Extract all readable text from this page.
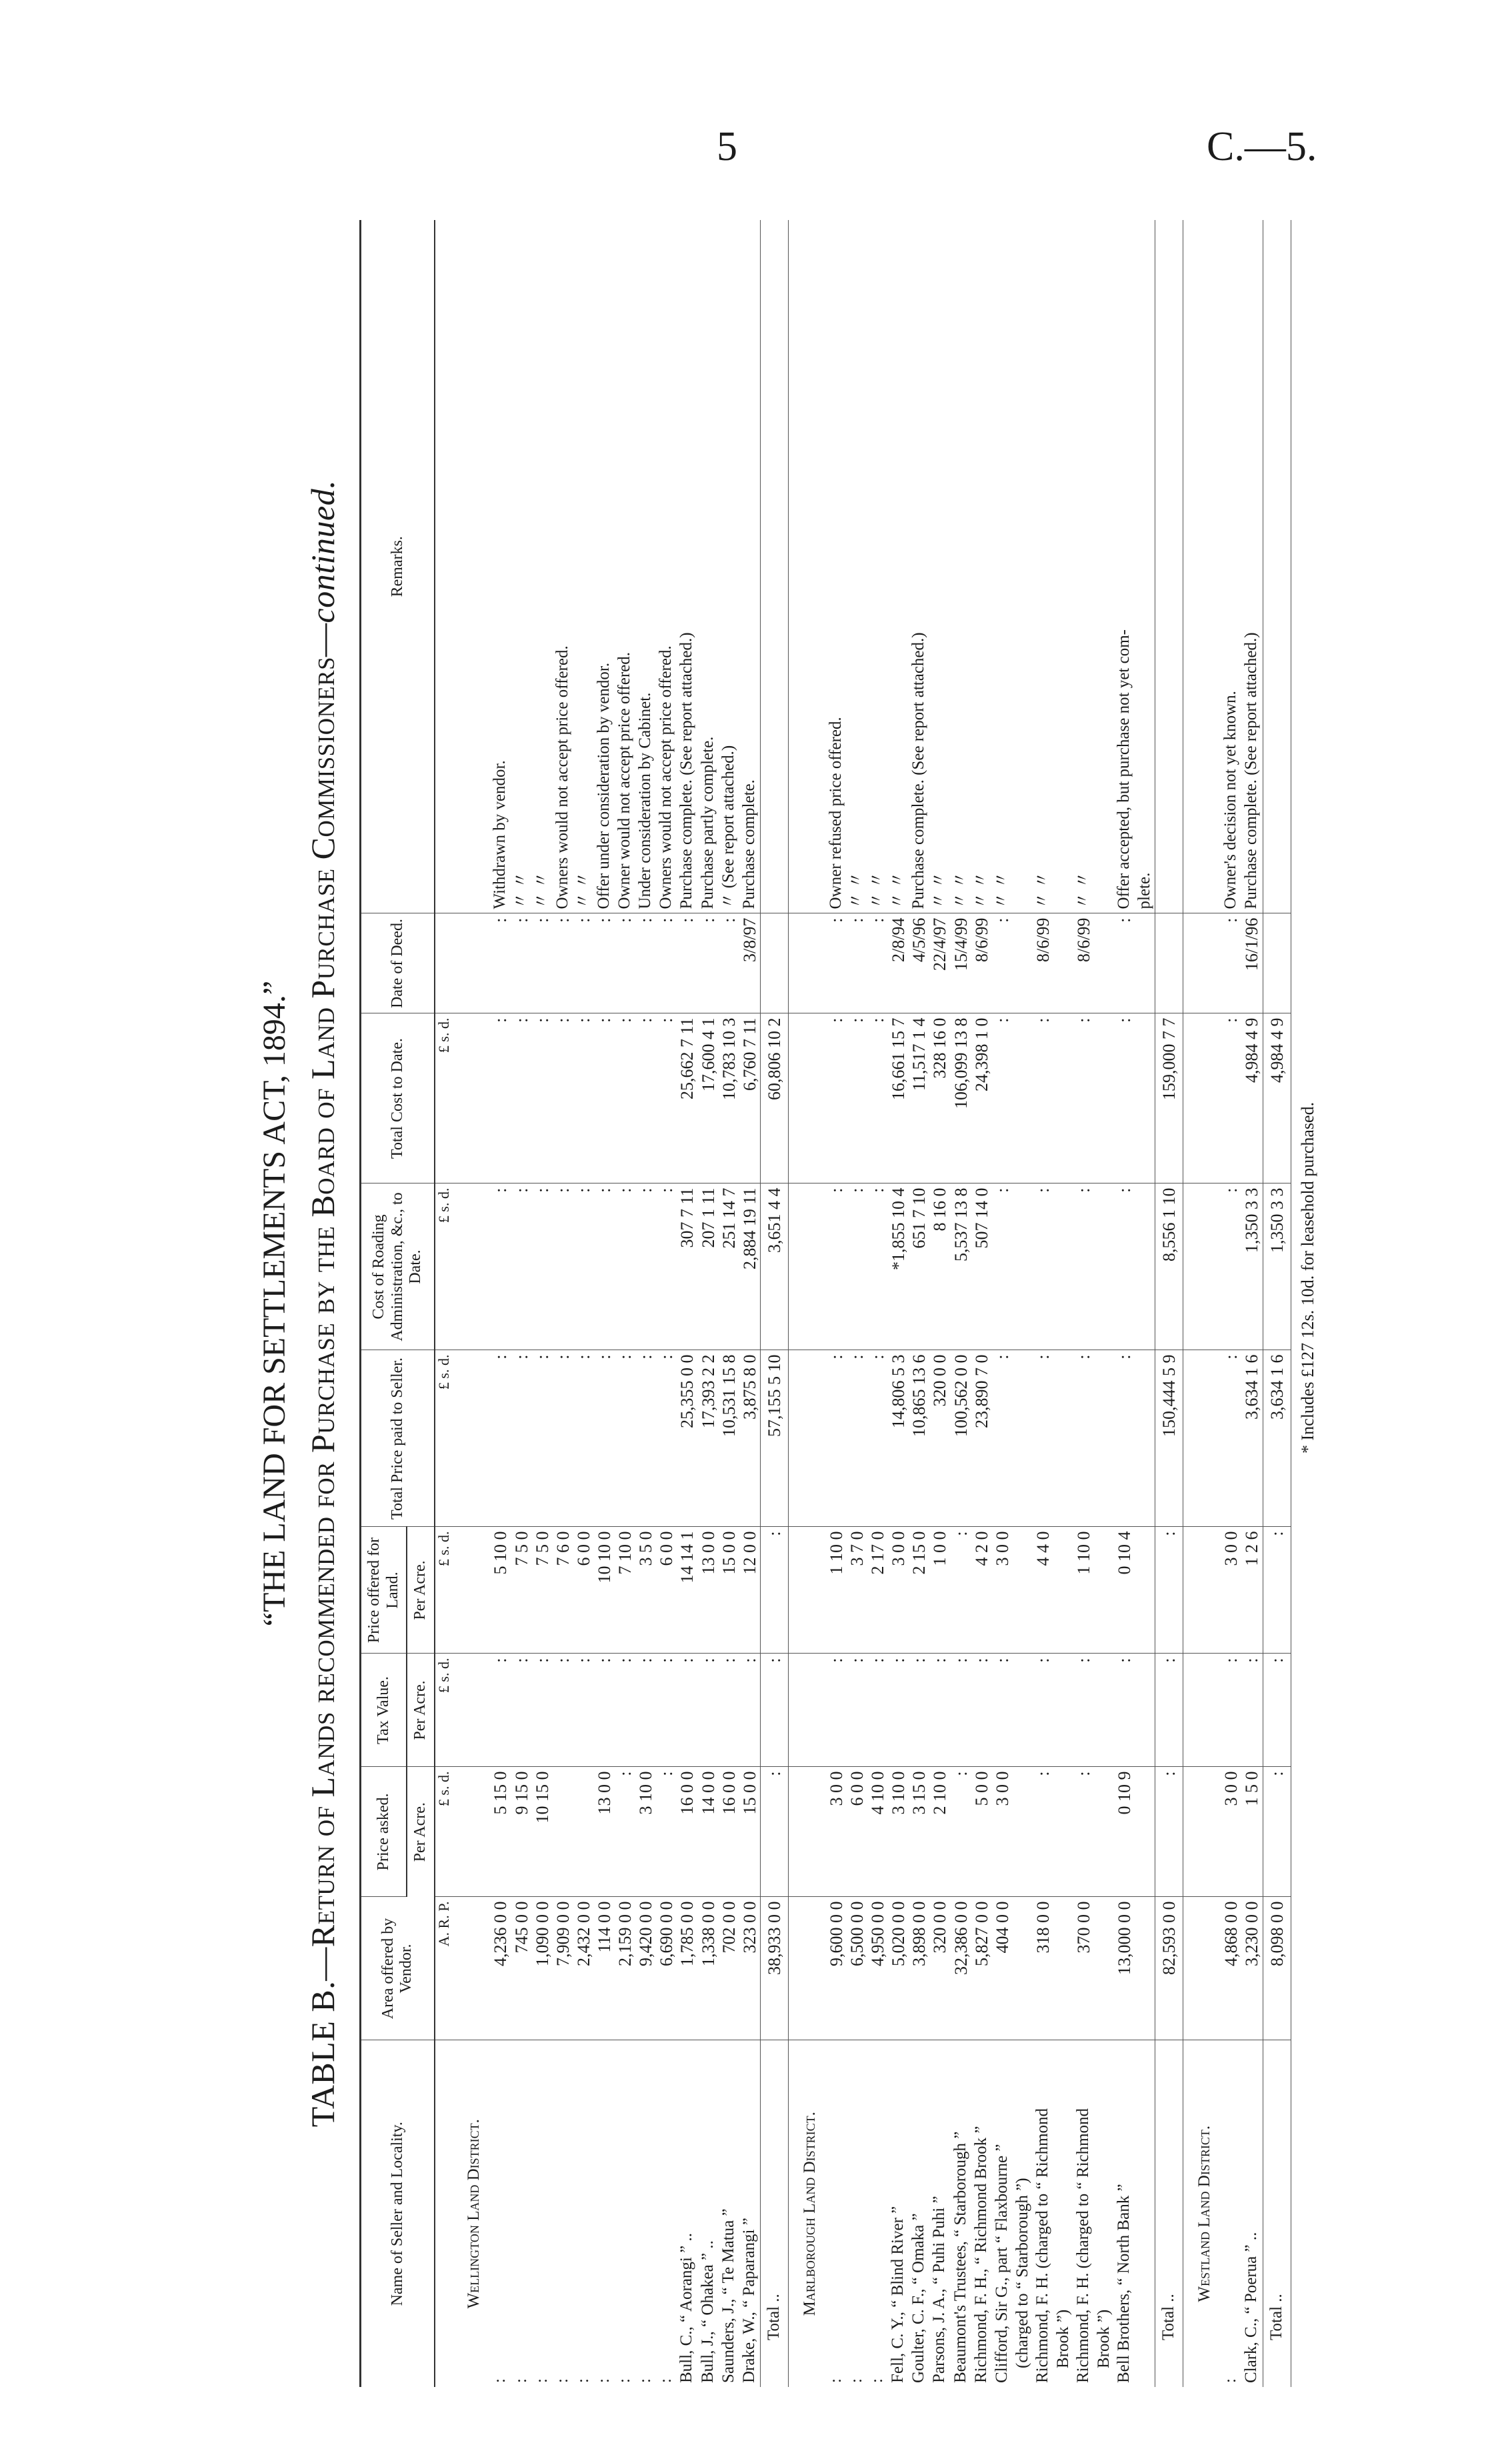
5	C.—5.
“THE LAND FOR SETTLEMENTS ACT, 1894.”
TABLE B.—Return of Lands recommended for Purchase by the Board of Land Purchase Commissioners—continued.
Name of Seller and Locality.	Area offered by Vendor.	Price asked.	Tax Value.	Price offered for Land.	Total Price paid to Seller.	Cost of Roading Administration, &c., to Date.	Total Cost to Date.	Date of Deed.	Remarks.
		Per Acre.	Per Acre.	Per Acre.					
	A. R. P.	£ s. d.	£ s. d.	£ s. d.	£ s. d.	£ s. d.	£ s. d.		
Wellington Land District.									
:	4,236 0 0	5 15 0	:	5 10 0	:	:	:	:	Withdrawn by vendor.
:	745 0 0	9 15 0	:	7 5 0	:	:	:	:	〃 〃
:	1,090 0 0	10 15 0	:	7 5 0	:	:	:	:	〃 〃
:	7,909 0 0		:	7 6 0	:	:	:	:	Owners would not accept price offered.
:	2,432 0 0		:	6 0 0	:	:	:	:	〃 〃
:	114 0 0	13 0 0	:	10 10 0	:	:	:	:	Offer under consideration by vendor.
:	2,159 0 0	:	:	7 10 0	:	:	:	:	Owner would not accept price offered.
:	9,420 0 0	3 10 0	:	3 5 0	:	:	:	:	Under consideration by Cabinet.
:	6,690 0 0	:	:	6 0 0	:	:	:	:	Owners would not accept price offered.
Bull, C., “ Aorangi ” ..	1,785 0 0	16 0 0	:	14 14 1	25,355 0 0	307 7 11	25,662 7 11	:	Purchase complete. (See report attached.)
Bull, J., “ Ohakea ” ..	1,338 0 0	14 0 0	:	13 0 0	17,393 2 2	207 1 11	17,600 4 1	:	Purchase partly complete.
Saunders, J., “ Te Matua ”	702 0 0	16 0 0	:	15 0 0	10,531 15 8	251 14 7	10,783 10 3	:	〃 (See report attached.)
Drake, W., “ Paparangi ”	323 0 0	15 0 0	:	12 0 0	3,875 8 0	2,884 19 11	6,760 7 11	3/8/97	Purchase complete.
Total ..	38,933 0 0	:	:	:	57,155 5 10	3,651 4 4	60,806 10 2		
Marlborough Land District.									
:	9,600 0 0	3 0 0	:	1 10 0	:	:	:	:	Owner refused price offered.
:	6,500 0 0	6 0 0	:	3 7 0	:	:	:	:	〃 〃
:	4,950 0 0	4 10 0	:	2 17 0	:	:	:	:	〃 〃
Fell, C. Y., “ Blind River ”	5,020 0 0	3 10 0	:	3 0 0	14,806 5 3	*1,855 10 4	16,661 15 7	2/8/94	〃 〃
Goulter, C. F., “ Omaka ”	3,898 0 0	3 15 0	:	2 15 0	10,865 13 6	651 7 10	11,517 1 4	4/5/96	Purchase complete. (See report attached.)
Parsons, J. A., “ Puhi Puhi ”	320 0 0	2 10 0	:	1 0 0	320 0 0	8 16 0	328 16 0	22/4/97	〃 〃
Beaumont's Trustees, “ Starborough ”	32,386 0 0	:	:	:	100,562 0 0	5,537 13 8	106,099 13 8	15/4/99	〃 〃
Richmond, F. H., “ Richmond Brook ”	5,827 0 0	5 0 0	:	4 2 0	23,890 7 0	507 14 0	24,398 1 0	8/6/99	〃 〃
Clifford, Sir G., part “ Flaxbourne ”	404 0 0	3 0 0	:	3 0 0	:	:	:	:	〃 〃
(charged to “ Starborough ”)									
Richmond, F. H. (charged to “ Richmond	318 0 0	:	:	4 4 0	:	:	:	8/6/99	〃 〃
Brook ”)									
Richmond, F. H. (charged to “ Richmond	370 0 0	:	:	1 10 0	:	:	:	8/6/99	〃 〃
Brook ”)									
Bell Brothers, “ North Bank ”	13,000 0 0	0 10 9	:	0 10 4	:	:	:	:	Offer accepted, but purchase not yet com-
									plete.
Total ..	82,593 0 0	:	:	:	150,444 5 9	8,556 1 10	159,000 7 7		
Westland Land District.									
:	4,868 0 0	3 0 0	:	3 0 0	:	:	:	:	Owner's decision not yet known.
Clark, C., “ Poerua ” ..	3,230 0 0	1 5 0	:	1 2 6	3,634 1 6	1,350 3 3	4,984 4 9	16/1/96	Purchase complete. (See report attached.)
Total ..	8,098 0 0	:	:	:	3,634 1 6	1,350 3 3	4,984 4 9		
* Includes £127 12s. 10d. for leasehold purchased.
